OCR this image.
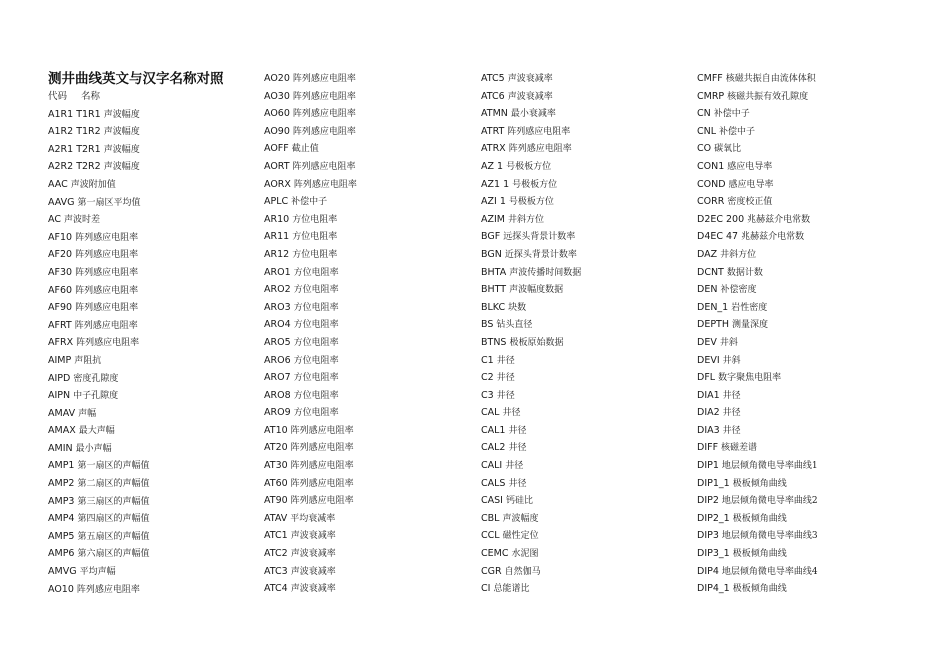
测井曲线英文与汉字名称对照
代码 名称
A1R1 T1R1 声波幅度
A1R2 T1R2 声波幅度
A2R1 T2R1 声波幅度
A2R2 T2R2 声波幅度
AAC 声波附加值
AAVG 第一扇区平均值
AC 声波时差
AF10 阵列感应电阻率
AF20 阵列感应电阻率
AF30 阵列感应电阻率
AF60 阵列感应电阻率
AF90 阵列感应电阻率
AFRT 阵列感应电阻率
AFRX 阵列感应电阻率
AIMP 声阻抗
AIPD 密度孔隙度
AIPN 中子孔隙度
AMAV 声幅
AMAX 最大声幅
AMIN 最小声幅
AMP1 第一扇区的声幅值
AMP2 第二扇区的声幅值
AMP3 第三扇区的声幅值
AMP4 第四扇区的声幅值
AMP5 第五扇区的声幅值
AMP6 第六扇区的声幅值
AMVG 平均声幅
AO10 阵列感应电阻率
AO20 阵列感应电阻率
AO30 阵列感应电阻率
AO60 阵列感应电阻率
AO90 阵列感应电阻率
AOFF 截止值
AORT 阵列感应电阻率
AORX 阵列感应电阻率
APLC 补偿中子
AR10 方位电阻率
AR11 方位电阻率
AR12 方位电阻率
ARO1 方位电阻率
ARO2 方位电阻率
ARO3 方位电阻率
ARO4 方位电阻率
ARO5 方位电阻率
ARO6 方位电阻率
ARO7 方位电阻率
ARO8 方位电阻率
ARO9 方位电阻率
AT10 阵列感应电阻率
AT20 阵列感应电阻率
AT30 阵列感应电阻率
AT60 阵列感应电阻率
AT90 阵列感应电阻率
ATAV 平均衰减率
ATC1 声波衰减率
ATC2 声波衰减率
ATC3 声波衰减率
ATC4 声波衰减率
ATC5 声波衰减率
ATC6 声波衰减率
ATMN 最小衰减率
ATRT 阵列感应电阻率
ATRX 阵列感应电阻率
AZ 1 号极板方位
AZ1 1 号极板方位
AZI 1 号极板方位
AZIM 井斜方位
BGF 远探头背景计数率
BGN 近探头背景计数率
BHTA 声波传播时间数据
BHTT 声波幅度数据
BLKC 块数
BS 钻头直径
BTNS 极板原始数据
C1 井径
C2 井径
C3 井径
CAL 井径
CAL1 井径
CAL2 井径
CALI 井径
CALS 井径
CASI 钙硅比
CBL 声波幅度
CCL 磁性定位
CEMC 水泥图
CGR 自然伽马
CI 总能谱比
CMFF 核磁共振自由流体体积
CMRP 核磁共振有效孔隙度
CN 补偿中子
CNL 补偿中子
CO 碳氧比
CON1 感应电导率
COND 感应电导率
CORR 密度校正值
D2EC 200 兆赫兹介电常数
D4EC 47 兆赫兹介电常数
DAZ 井斜方位
DCNT 数据计数
DEN 补偿密度
DEN_1 岩性密度
DEPTH 测量深度
DEV 井斜
DEVI 井斜
DFL 数字聚焦电阻率
DIA1 井径
DIA2 井径
DIA3 井径
DIFF 核磁差谱
DIP1 地层倾角微电导率曲线1
DIP1_1 极板倾角曲线
DIP2 地层倾角微电导率曲线2
DIP2_1 极板倾角曲线
DIP3 地层倾角微电导率曲线3
DIP3_1 极板倾角曲线
DIP4 地层倾角微电导率曲线4
DIP4_1 极板倾角曲线
